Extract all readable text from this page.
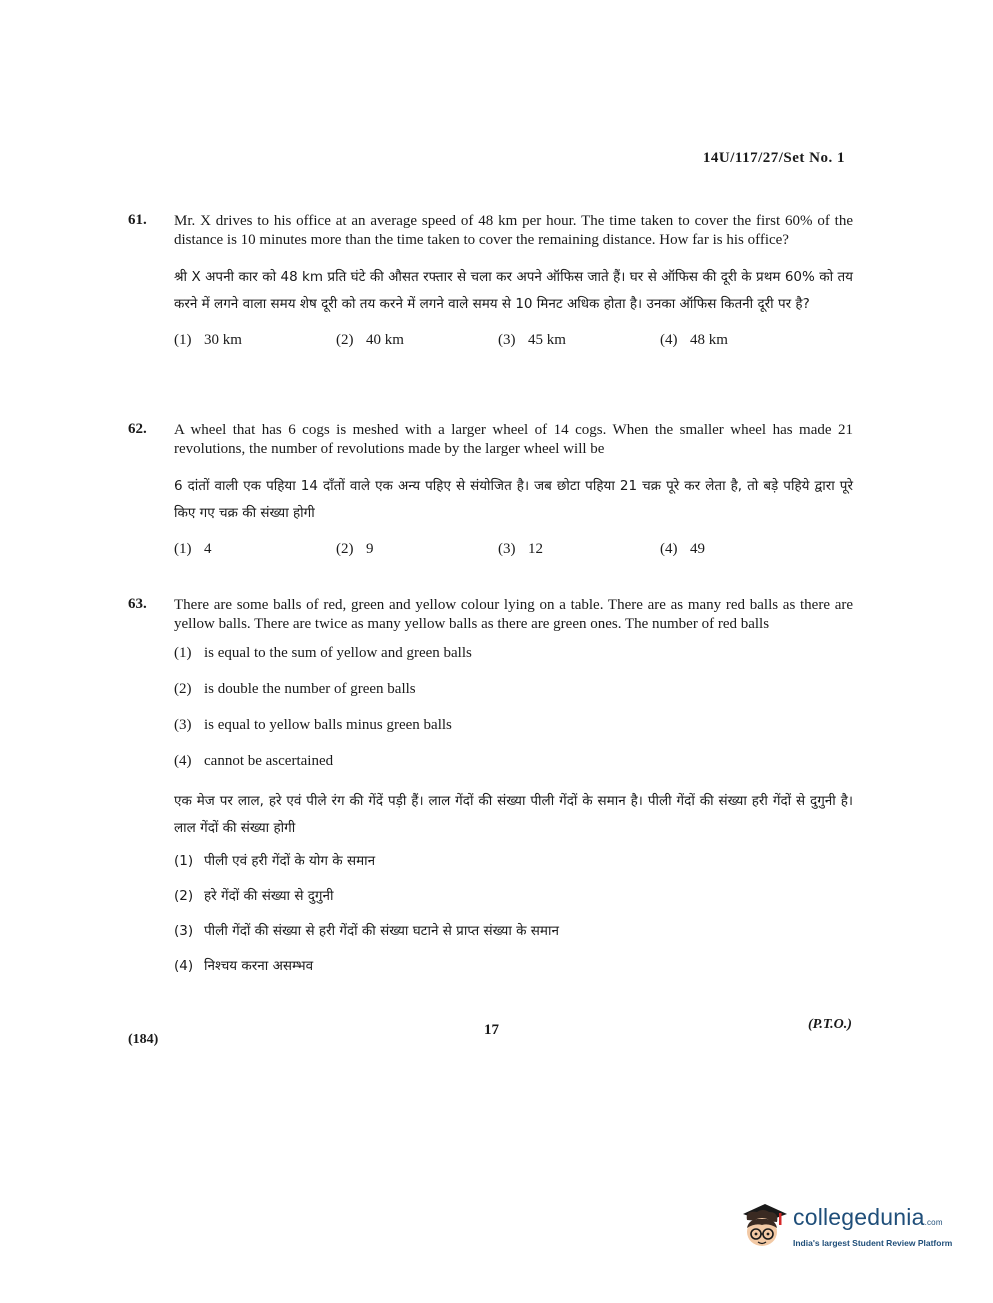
14U/117/27/Set No. 1
61. Mr. X drives to his office at an average speed of 48 km per hour. The time taken to cover the first 60% of the distance is 10 minutes more than the time taken to cover the remaining distance. How far is his office?
श्री X अपनी कार को 48 km प्रति घंटे की औसत रफ्तार से चला कर अपने ऑफिस जाते हैं। घर से ऑफिस की दूरी के प्रथम 60% को तय करने में लगने वाला समय शेष दूरी को तय करने में लगने वाले समय से 10 मिनट अधिक होता है। उनका ऑफिस कितनी दूरी पर है?
(1) 30 km	(2) 40 km	(3) 45 km	(4) 48 km
62. A wheel that has 6 cogs is meshed with a larger wheel of 14 cogs. When the smaller wheel has made 21 revolutions, the number of revolutions made by the larger wheel will be
6 दांतों वाली एक पहिया 14 दाँतों वाले एक अन्य पहिए से संयोजित है। जब छोटा पहिया 21 चक्र पूरे कर लेता है, तो बड़े पहिये द्वारा पूरे किए गए चक्र की संख्या होगी
(1) 4	(2) 9	(3) 12	(4) 49
63. There are some balls of red, green and yellow colour lying on a table. There are as many red balls as there are yellow balls. There are twice as many yellow balls as there are green ones. The number of red balls
(1) is equal to the sum of yellow and green balls
(2) is double the number of green balls
(3) is equal to yellow balls minus green balls
(4) cannot be ascertained
एक मेज पर लाल, हरे एवं पीले रंग की गेंदें पड़ी हैं। लाल गेंदों की संख्या पीली गेंदों के समान है। पीली गेंदों की संख्या हरी गेंदों से दुगुनी है। लाल गेंदों की संख्या होगी
(1) पीली एवं हरी गेंदों के योग के समान
(2) हरे गेंदों की संख्या से दुगुनी
(3) पीली गेंदों की संख्या से हरी गेंदों की संख्या घटाने से प्राप्त संख्या के समान
(4) निश्चय करना असम्भव
(184)
17	(P.T.O.)
collegedunia.com
India's largest Student Review Platform
